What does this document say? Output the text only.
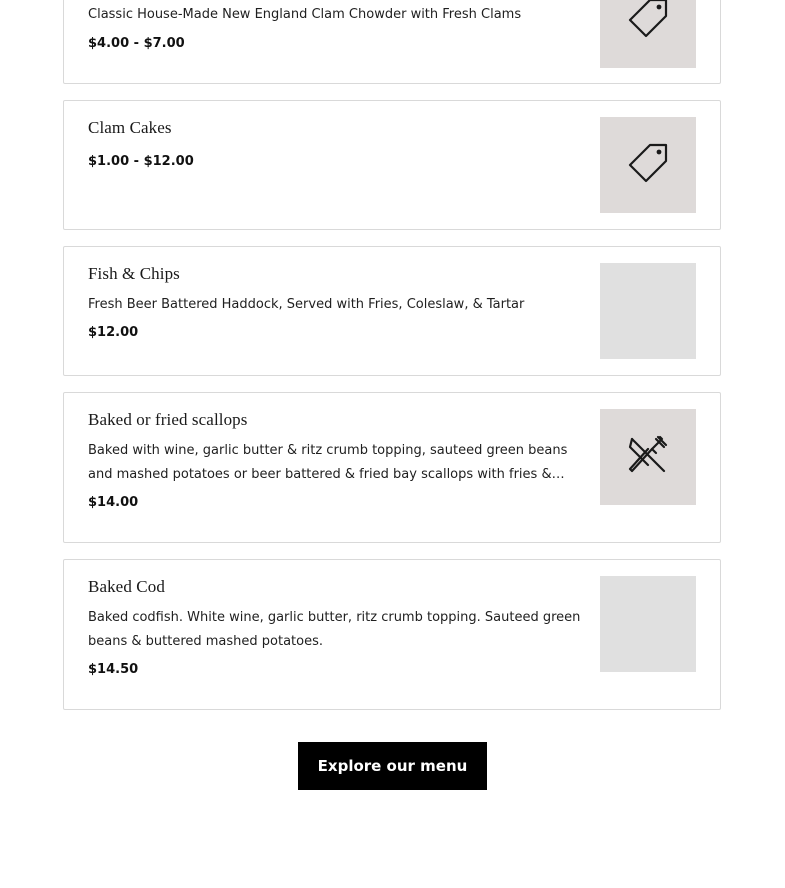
Classic House-Made New England Clam Chowder with Fresh Clams

$4.00 - $7.00
Clam Cakes
$1.00 - $12.00
Fish & Chips

Fresh Beer Battered Haddock, Served with Fries, Coleslaw, & Tartar

$12.00
Baked or fried scallops

Baked with wine, garlic butter & ritz crumb topping, sauteed green beans and mashed potatoes or beer battered & fried bay scallops with fries &

$14.00
Baked Cod

Baked codfish. White wine, garlic butter, ritz crumb topping. Sauteed green beans & buttered mashed potatoes.

$14.50
Explore our menu
